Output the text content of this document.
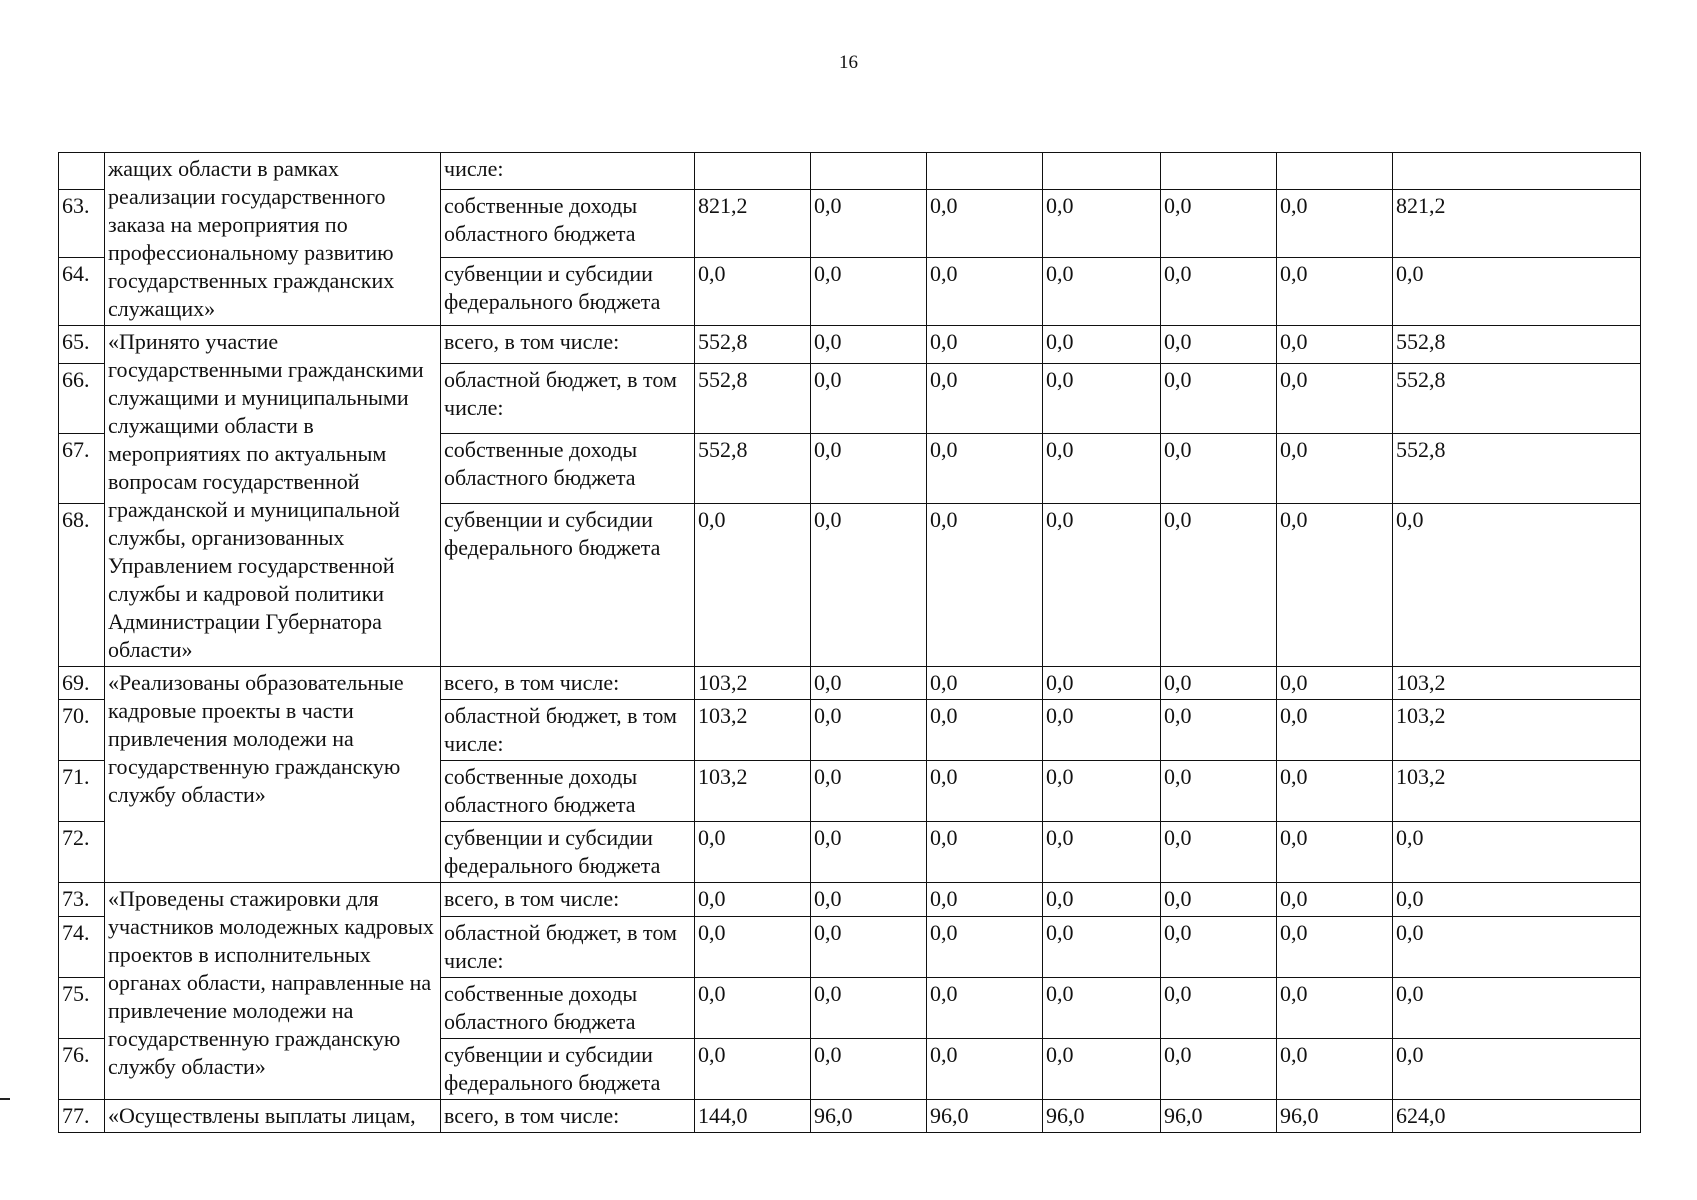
16
	жащих области в рамках реализации государственного заказа на мероприятия по профессиональному развитию государственных гражданских служащих»	числе:							
63.		собственные доходы областного бюджета	821,2	0,0	0,0	0,0	0,0	0,0	821,2
64.		субвенции и субсидии федерального бюджета	0,0	0,0	0,0	0,0	0,0	0,0	0,0
65.	«Принято участие государственными гражданскими служащими и муниципальными служащими области в мероприятиях по актуальным вопросам государственной гражданской и муниципальной службы, организованных Управлением государственной службы и кадровой политики Администрации Губернатора области»	всего, в том числе:	552,8	0,0	0,0	0,0	0,0	0,0	552,8
66.		областной бюджет, в том числе:	552,8	0,0	0,0	0,0	0,0	0,0	552,8
67.		собственные доходы областного бюджета	552,8	0,0	0,0	0,0	0,0	0,0	552,8
68.		субвенции и субсидии федерального бюджета	0,0	0,0	0,0	0,0	0,0	0,0	0,0
69.	«Реализованы образовательные кадровые проекты в части привлечения молодежи на государственную гражданскую службу области»	всего, в том числе:	103,2	0,0	0,0	0,0	0,0	0,0	103,2
70.		областной бюджет, в том числе:	103,2	0,0	0,0	0,0	0,0	0,0	103,2
71.		собственные доходы областного бюджета	103,2	0,0	0,0	0,0	0,0	0,0	103,2
72.		субвенции и субсидии федерального бюджета	0,0	0,0	0,0	0,0	0,0	0,0	0,0
73.	«Проведены стажировки для участников молодежных кадровых проектов в исполнительных органах области, направленные на привлечение молодежи на государственную гражданскую службу области»	всего, в том числе:	0,0	0,0	0,0	0,0	0,0	0,0	0,0
74.		областной бюджет, в том числе:	0,0	0,0	0,0	0,0	0,0	0,0	0,0
75.		собственные доходы областного бюджета	0,0	0,0	0,0	0,0	0,0	0,0	0,0
76.		субвенции и субсидии федерального бюджета	0,0	0,0	0,0	0,0	0,0	0,0	0,0
77.	«Осуществлены выплаты лицам,	всего, в том числе:	144,0	96,0	96,0	96,0	96,0	96,0	624,0
